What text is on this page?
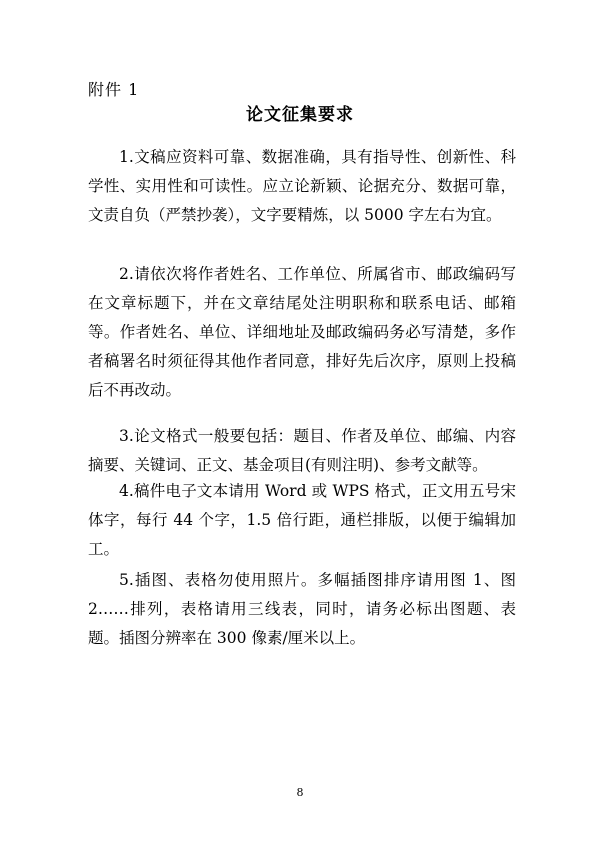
附件 1
论文征集要求

1.文稿应资料可靠、数据准确，具有指导性、创新性、科学性、实用性和可读性。应立论新颖、论据充分、数据可靠，文责自负（严禁抄袭），文字要精炼，以 5000 字左右为宜。

2.请依次将作者姓名、工作单位、所属省市、邮政编码写在文章标题下，并在文章结尾处注明职称和联系电话、邮箱等。作者姓名、单位、详细地址及邮政编码务必写清楚，多作者稿署名时须征得其他作者同意，排好先后次序，原则上投稿后不再改动。

3.论文格式一般要包括：题目、作者及单位、邮编、内容摘要、关键词、正文、基金项目(有则注明)、参考文献等。

4.稿件电子文本请用 Word 或 WPS 格式，正文用五号宋体字，每行 44 个字，1.5 倍行距，通栏排版，以便于编辑加工。

5.插图、表格勿使用照片。多幅插图排序请用图 1、图 2……排列，表格请用三线表，同时，请务必标出图题、表题。插图分辨率在 300 像素/厘米以上。

8
